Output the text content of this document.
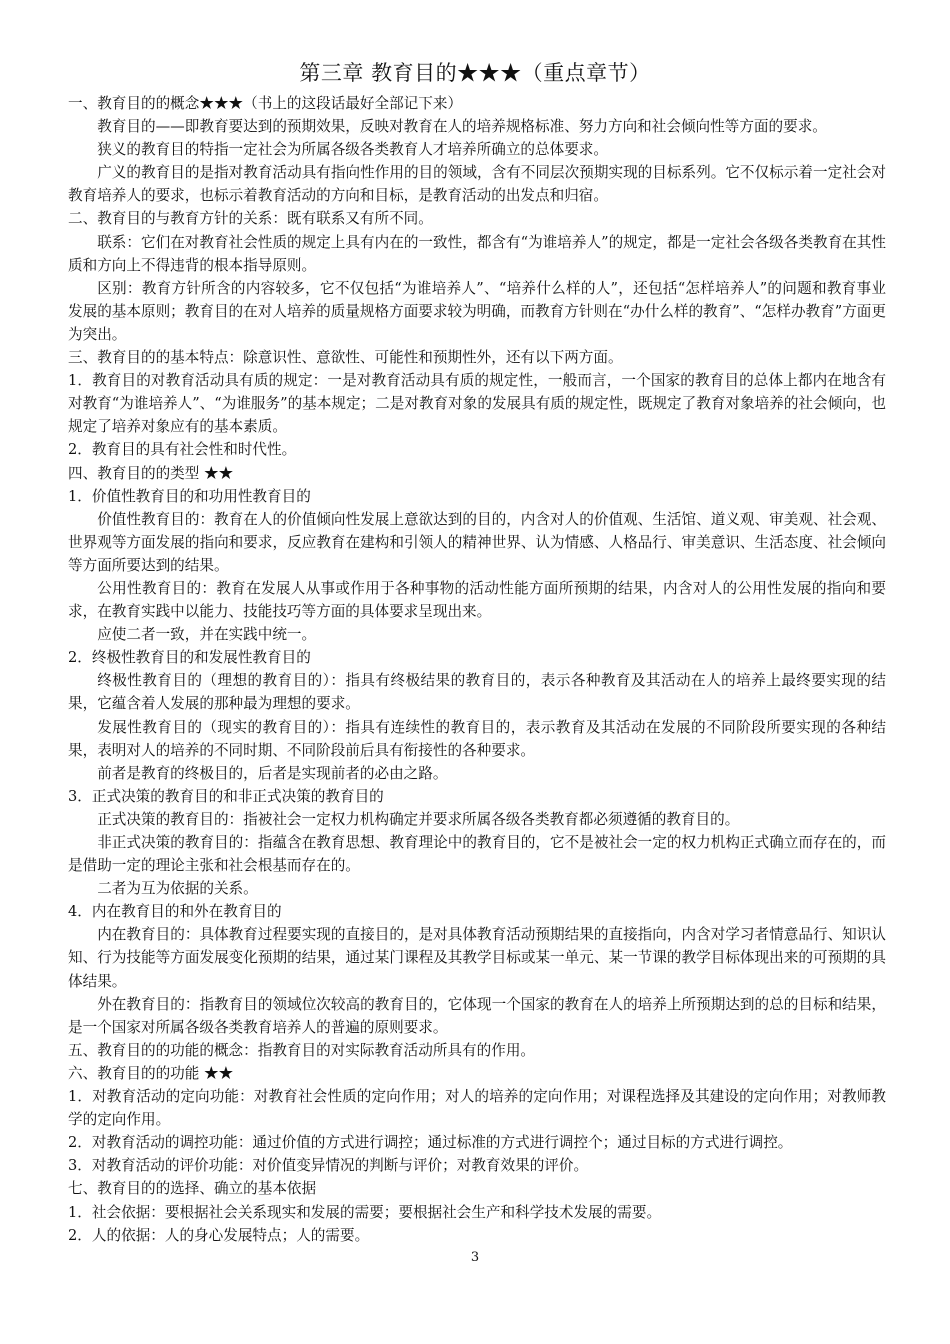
第三章 教育目的★★★（重点章节）

一、教育目的的概念★★★（书上的这段话最好全部记下来）

教育目的——即教育要达到的预期效果，反映对教育在人的培养规格标准、努力方向和社会倾向性等方面的要求。

狭义的教育目的特指一定社会为所属各级各类教育人才培养所确立的总体要求。

广义的教育目的是指对教育活动具有指向性作用的目的领域，含有不同层次预期实现的目标系列。它不仅标示着一定社会对教育培养人的要求，也标示着教育活动的方向和目标，是教育活动的出发点和归宿。

二、教育目的与教育方针的关系：既有联系又有所不同。

联系：它们在对教育社会性质的规定上具有内在的一致性，都含有“为谁培养人”的规定，都是一定社会各级各类教育在其性质和方向上不得违背的根本指导原则。

区别：教育方针所含的内容较多，它不仅包括“为谁培养人”、“培养什么样的人”，还包括“怎样培养人”的问题和教育事业发展的基本原则；教育目的在对人培养的质量规格方面要求较为明确，而教育方针则在“办什么样的教育”、“怎样办教育”方面更为突出。

三、教育目的的基本特点：除意识性、意欲性、可能性和预期性外，还有以下两方面。

1．教育目的对教育活动具有质的规定：一是对教育活动具有质的规定性，一般而言，一个国家的教育目的总体上都内在地含有对教育“为谁培养人”、“为谁服务”的基本规定；二是对教育对象的发展具有质的规定性，既规定了教育对象培养的社会倾向，也规定了培养对象应有的基本素质。

2．教育目的具有社会性和时代性。

四、教育目的的类型 ★★

1．价值性教育目的和功用性教育目的

价值性教育目的：教育在人的价值倾向性发展上意欲达到的目的，内含对人的价值观、生活馆、道义观、审美观、社会观、世界观等方面发展的指向和要求，反应教育在建构和引领人的精神世界、认为情感、人格品行、审美意识、生活态度、社会倾向等方面所要达到的结果。

公用性教育目的：教育在发展人从事或作用于各种事物的活动性能方面所预期的结果，内含对人的公用性发展的指向和要求，在教育实践中以能力、技能技巧等方面的具体要求呈现出来。

应使二者一致，并在实践中统一。

2．终极性教育目的和发展性教育目的

终极性教育目的（理想的教育目的）：指具有终极结果的教育目的，表示各种教育及其活动在人的培养上最终要实现的结果，它蕴含着人发展的那种最为理想的要求。

发展性教育目的（现实的教育目的）：指具有连续性的教育目的，表示教育及其活动在发展的不同阶段所要实现的各种结果，表明对人的培养的不同时期、不同阶段前后具有衔接性的各种要求。

前者是教育的终极目的，后者是实现前者的必由之路。

3．正式决策的教育目的和非正式决策的教育目的

正式决策的教育目的：指被社会一定权力机构确定并要求所属各级各类教育都必须遵循的教育目的。

非正式决策的教育目的：指蕴含在教育思想、教育理论中的教育目的，它不是被社会一定的权力机构正式确立而存在的，而是借助一定的理论主张和社会根基而存在的。

二者为互为依据的关系。

4．内在教育目的和外在教育目的

内在教育目的：具体教育过程要实现的直接目的，是对具体教育活动预期结果的直接指向，内含对学习者情意品行、知识认知、行为技能等方面发展变化预期的结果，通过某门课程及其教学目标或某一单元、某一节课的教学目标体现出来的可预期的具体结果。

外在教育目的：指教育目的领域位次较高的教育目的，它体现一个国家的教育在人的培养上所预期达到的总的目标和结果，是一个国家对所属各级各类教育培养人的普遍的原则要求。

五、教育目的的功能的概念：指教育目的对实际教育活动所具有的作用。

六、教育目的的功能 ★★

1．对教育活动的定向功能：对教育社会性质的定向作用；对人的培养的定向作用；对课程选择及其建设的定向作用；对教师教学的定向作用。

2．对教育活动的调控功能：通过价值的方式进行调控；通过标准的方式进行调控个；通过目标的方式进行调控。

3．对教育活动的评价功能：对价值变异情况的判断与评价；对教育效果的评价。

七、教育目的的选择、确立的基本依据

1．社会依据：要根据社会关系现实和发展的需要；要根据社会生产和科学技术发展的需要。

2．人的依据：人的身心发展特点；人的需要。

3
